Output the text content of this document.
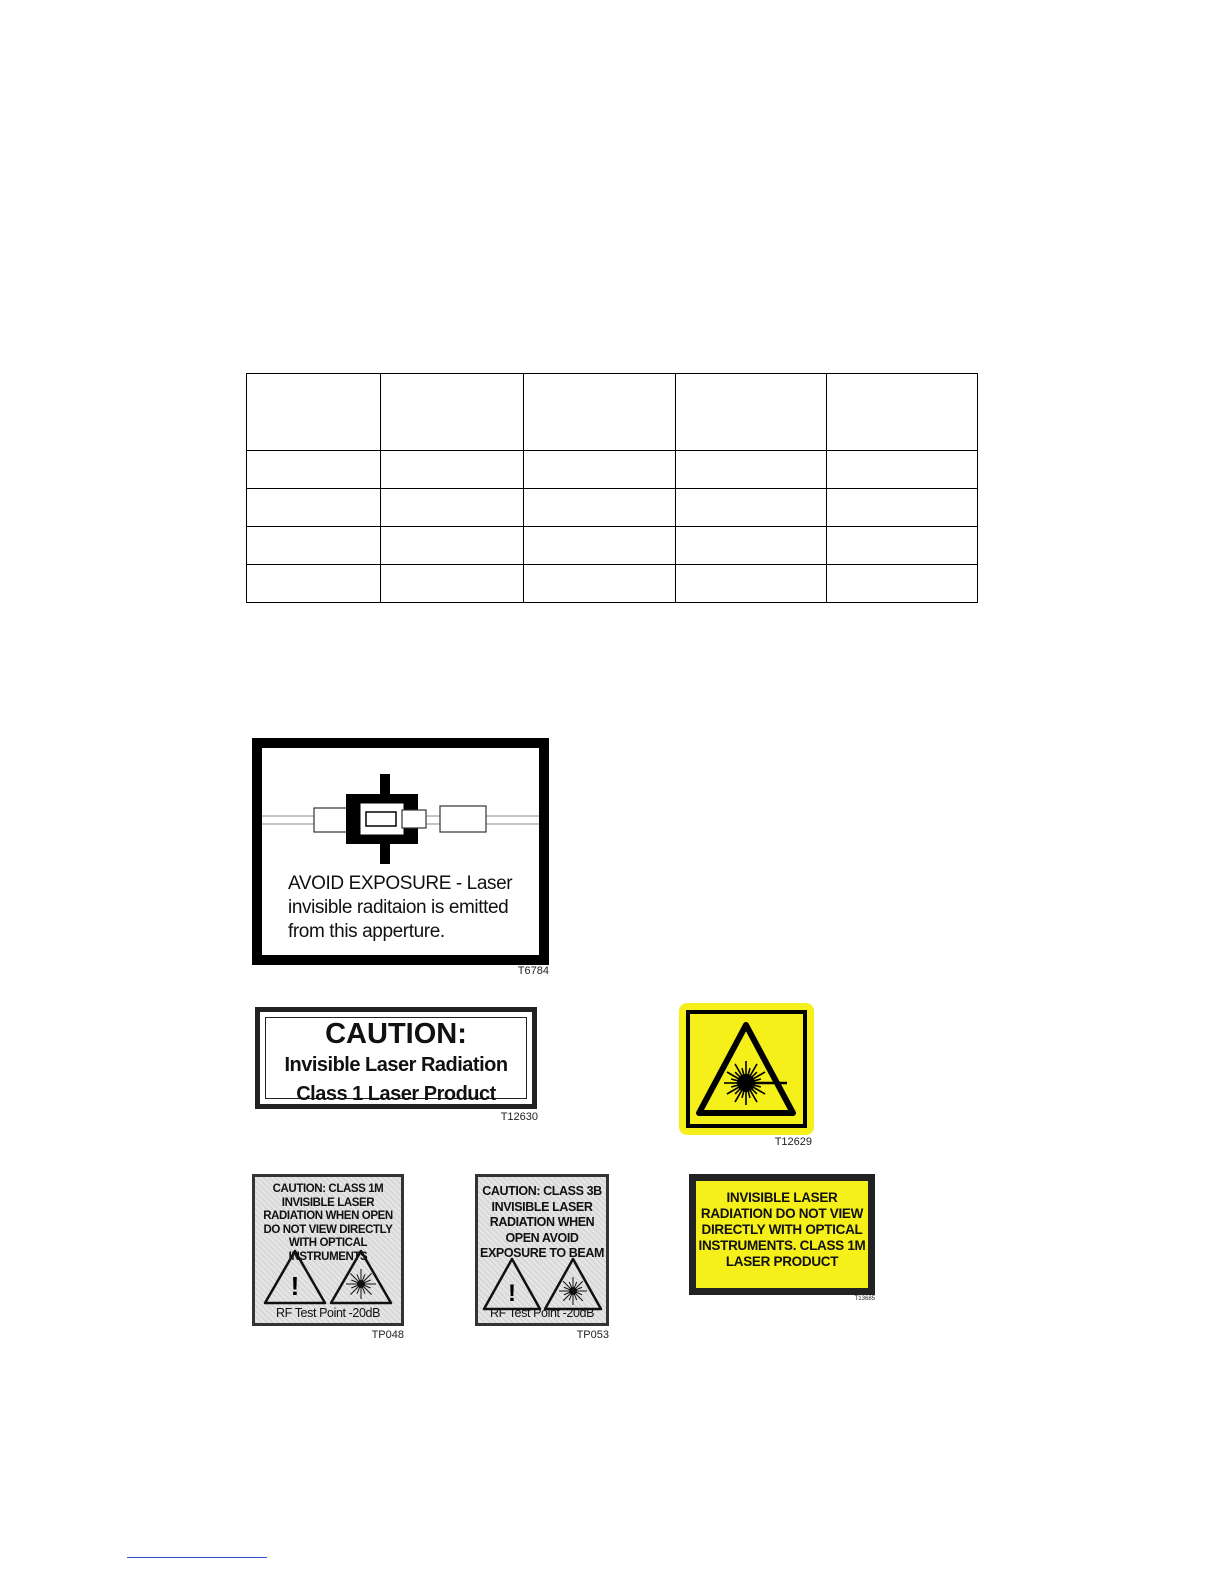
AVOID EXPOSURE - Laser invisible raditaion is emitted from this apperture.
T6784
CAUTION:
Invisible Laser Radiation
Class 1 Laser Product
T12630
T12629
CAUTION: CLASS 1M INVISIBLE LASER RADIATION WHEN OPEN DO NOT VIEW DIRECTLY WITH OPTICAL INSTRUMENTS
!
RF Test Point -20dB
TP048
CAUTION: CLASS 3B INVISIBLE LASER RADIATION WHEN OPEN AVOID EXPOSURE TO BEAM
!
RF Test Point -20dB
TP053
INVISIBLE LASER RADIATION DO NOT VIEW DIRECTLY WITH OPTICAL INSTRUMENTS. CLASS 1M LASER PRODUCT
T13685
